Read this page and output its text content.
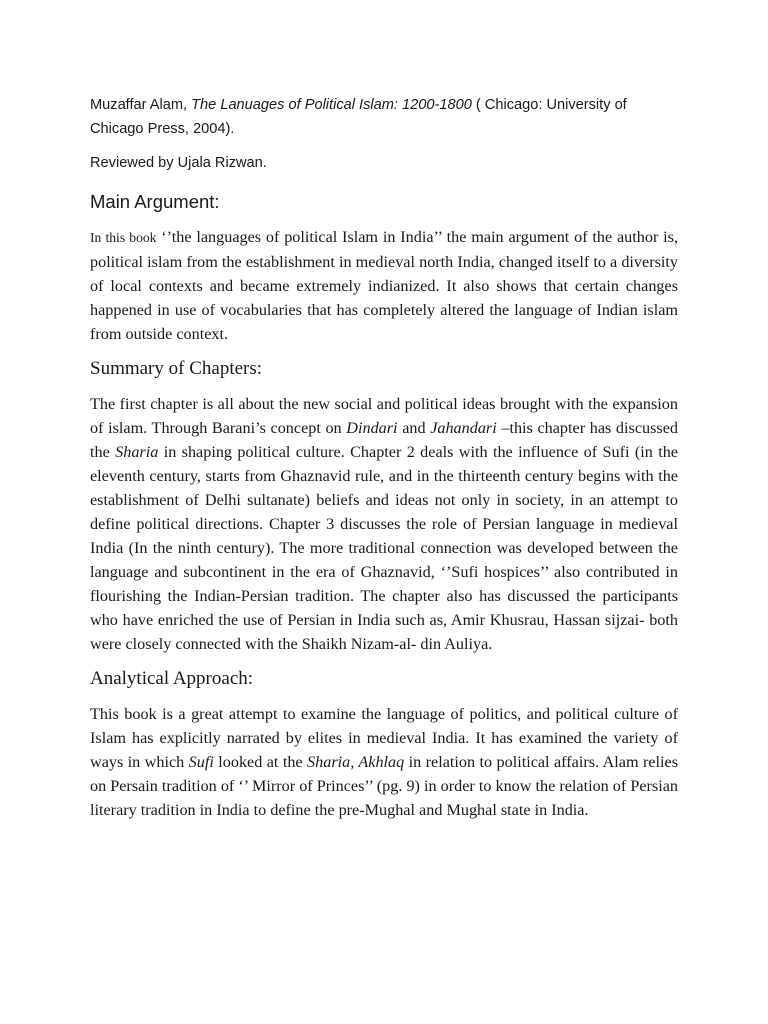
Muzaffar Alam, The Lanuages of Political Islam: 1200-1800 ( Chicago: University of Chicago Press, 2004).

Reviewed by Ujala Rizwan.

Main Argument:

In this book ‘’the languages of political Islam in India’’ the main argument of the author is, political islam from the establishment in medieval north India, changed itself to a diversity of local contexts and became extremely indianized. It also shows that certain changes happened in use of vocabularies that has completely altered the language of Indian islam from outside context.

Summary of Chapters:

The first chapter is all about the new social and political ideas brought with the expansion of islam. Through Barani’s concept on Dindari and Jahandari –this chapter has discussed the Sharia in shaping political culture. Chapter 2 deals with the influence of Sufi (in the eleventh century, starts from Ghaznavid rule, and in the thirteenth century begins with the establishment of Delhi sultanate) beliefs and ideas not only in society, in an attempt to define political directions. Chapter 3 discusses the role of Persian language in medieval India (In the ninth century). The more traditional connection was developed between the language and subcontinent in the era of Ghaznavid, ‘’Sufi hospices’’ also contributed in flourishing the Indian-Persian tradition. The chapter also has discussed the participants who have enriched the use of Persian in India such as, Amir Khusrau, Hassan sijzai- both were closely connected with the Shaikh Nizam-al- din Auliya.

Analytical Approach:

This book is a great attempt to examine the language of politics, and political culture of Islam has explicitly narrated by elites in medieval India. It has examined the variety of ways in which Sufi looked at the Sharia, Akhlaq in relation to political affairs. Alam relies on Persain tradition of ‘’ Mirror of Princes’’ (pg. 9) in order to know the relation of Persian literary tradition in India to define the pre-Mughal and Mughal state in India.
